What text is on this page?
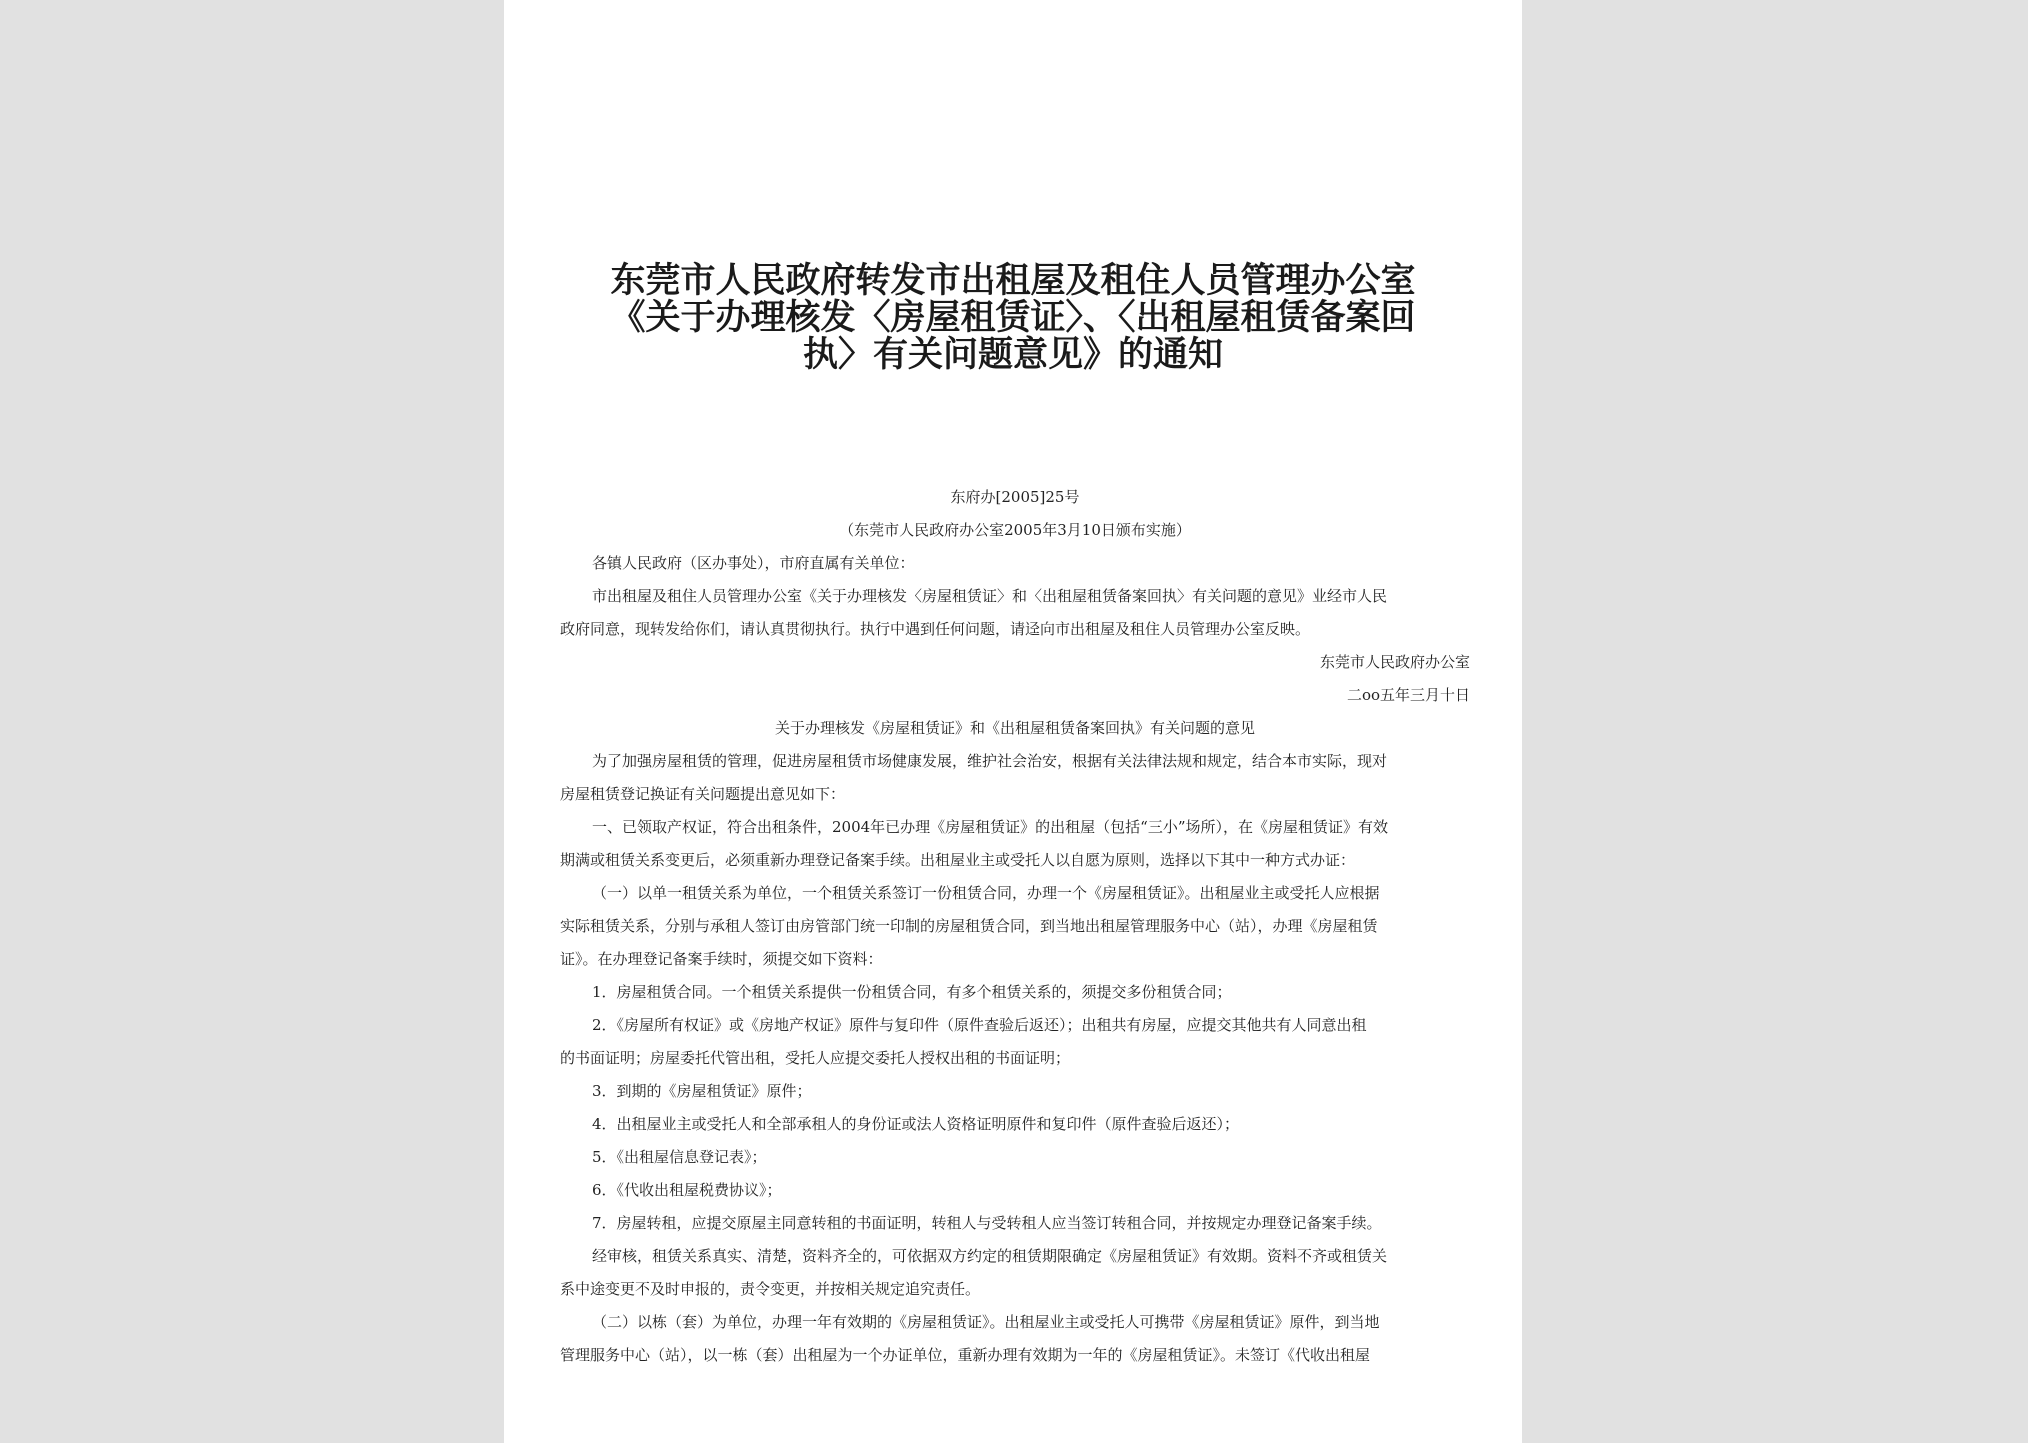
东莞市人民政府转发市出租屋及租住人员管理办公室
《关于办理核发〈房屋租赁证〉、〈出租屋租赁备案回
执〉有关问题意见》的通知
东府办[2005]25号
（东莞市人民政府办公室2005年3月10日颁布实施）
各镇人民政府（区办事处），市府直属有关单位：
市出租屋及租住人员管理办公室《关于办理核发〈房屋租赁证〉和〈出租屋租赁备案回执〉有关问题的意见》业经市人民
政府同意，现转发给你们，请认真贯彻执行。执行中遇到任何问题，请迳向市出租屋及租住人员管理办公室反映。
东莞市人民政府办公室
二oo五年三月十日
关于办理核发《房屋租赁证》和《出租屋租赁备案回执》有关问题的意见
为了加强房屋租赁的管理，促进房屋租赁市场健康发展，维护社会治安，根据有关法律法规和规定，结合本市实际，现对
房屋租赁登记换证有关问题提出意见如下：
一、已领取产权证，符合出租条件，2004年已办理《房屋租赁证》的出租屋（包括“三小”场所），在《房屋租赁证》有效
期满或租赁关系变更后，必须重新办理登记备案手续。出租屋业主或受托人以自愿为原则，选择以下其中一种方式办证：
（一）以单一租赁关系为单位，一个租赁关系签订一份租赁合同，办理一个《房屋租赁证》。出租屋业主或受托人应根据
实际租赁关系，分别与承租人签订由房管部门统一印制的房屋租赁合同，到当地出租屋管理服务中心（站），办理《房屋租赁
证》。在办理登记备案手续时，须提交如下资料：
1．房屋租赁合同。一个租赁关系提供一份租赁合同，有多个租赁关系的，须提交多份租赁合同；
2．《房屋所有权证》或《房地产权证》原件与复印件（原件查验后返还）；出租共有房屋，应提交其他共有人同意出租
的书面证明；房屋委托代管出租，受托人应提交委托人授权出租的书面证明；
3．到期的《房屋租赁证》原件；
4．出租屋业主或受托人和全部承租人的身份证或法人资格证明原件和复印件（原件查验后返还）；
5．《出租屋信息登记表》；
6．《代收出租屋税费协议》；
7．房屋转租，应提交原屋主同意转租的书面证明，转租人与受转租人应当签订转租合同，并按规定办理登记备案手续。
经审核，租赁关系真实、清楚，资料齐全的，可依据双方约定的租赁期限确定《房屋租赁证》有效期。资料不齐或租赁关
系中途变更不及时申报的，责令变更，并按相关规定追究责任。
（二）以栋（套）为单位，办理一年有效期的《房屋租赁证》。出租屋业主或受托人可携带《房屋租赁证》原件，到当地
管理服务中心（站），以一栋（套）出租屋为一个办证单位，重新办理有效期为一年的《房屋租赁证》。未签订《代收出租屋
